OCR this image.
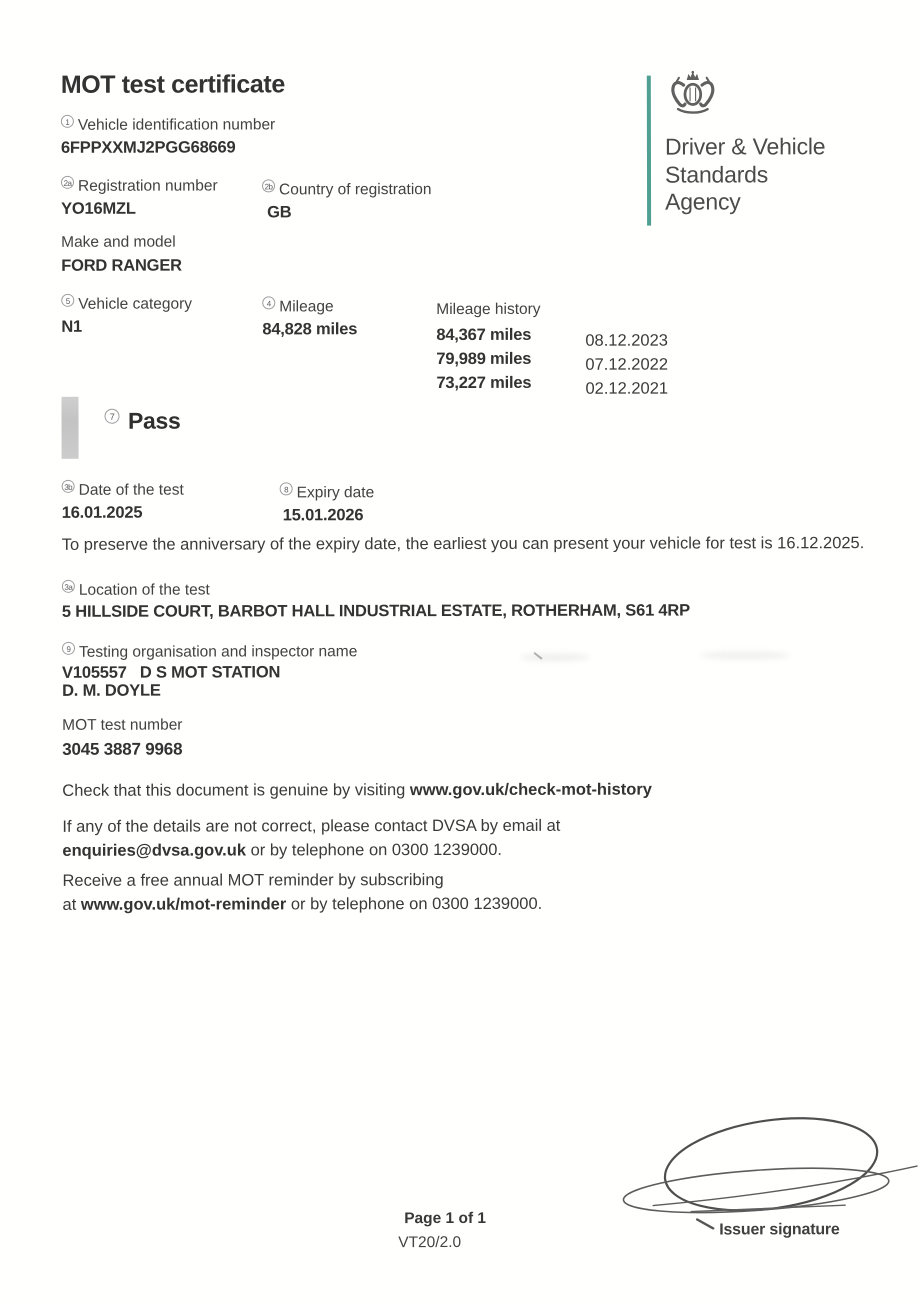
MOT test certificate
Driver & Vehicle
Standards
Agency
1 Vehicle identification number
6FPPXXMJ2PGG68669
2a Registration number
YO16MZL
2b Country of registration
GB
Make and model
FORD RANGER
5 Vehicle category
N1
4 Mileage
84,828 miles
Mileage history
84,367 miles	08.12.2023
79,989 miles	07.12.2022
73,227 miles	02.12.2021
7 Pass
3b Date of the test
16.01.2025
8 Expiry date
15.01.2026
To preserve the anniversary of the expiry date, the earliest you can present your vehicle for test is 16.12.2025.
3a Location of the test
5 HILLSIDE COURT, BARBOT HALL INDUSTRIAL ESTATE, ROTHERHAM, S61 4RP
9 Testing organisation and inspector name
V105557   D S MOT STATION
D. M. DOYLE
MOT test number
3045 3887 9968
Check that this document is genuine by visiting www.gov.uk/check-mot-history
If any of the details are not correct, please contact DVSA by email at
enquiries@dvsa.gov.uk or by telephone on 0300 1239000.
Receive a free annual MOT reminder by subscribing
at www.gov.uk/mot-reminder or by telephone on 0300 1239000.
Issuer signature
Page 1 of 1
VT20/2.0
